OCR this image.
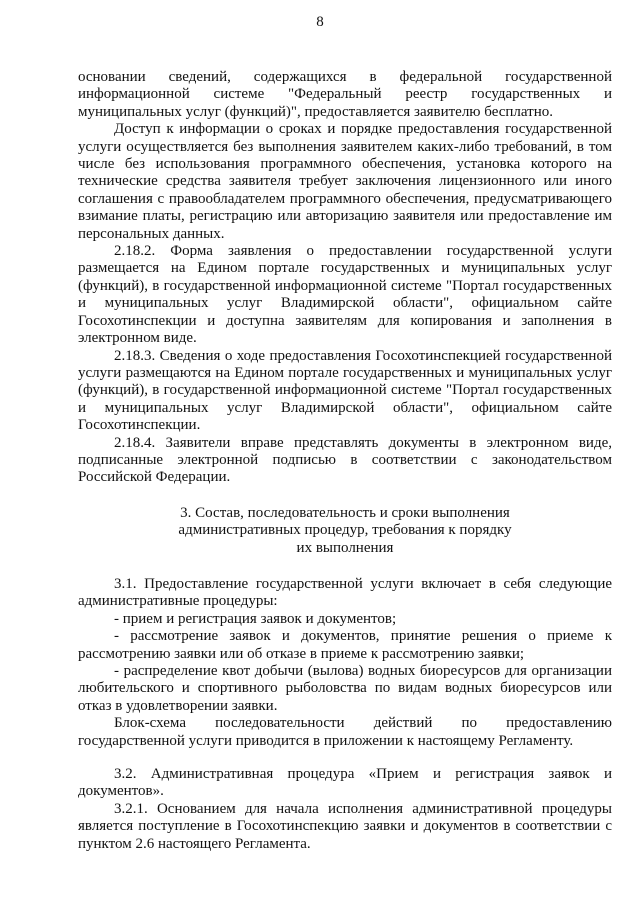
8

основании сведений, содержащихся в федеральной государственной информационной системе "Федеральный реестр государственных и муниципальных услуг (функций)", предоставляется заявителю бесплатно.

Доступ к информации о сроках и порядке предоставления государственной услуги осуществляется без выполнения заявителем каких-либо требований, в том числе без использования программного обеспечения, установка которого на технические средства заявителя требует заключения лицензионного или иного соглашения с правообладателем программного обеспечения, предусматривающего взимание платы, регистрацию или авторизацию заявителя или предоставление им персональных данных.

2.18.2. Форма заявления о предоставлении государственной услуги размещается на Едином портале государственных и муниципальных услуг (функций), в государственной информационной системе "Портал государственных и муниципальных услуг Владимирской области", официальном сайте Госохотинспекции и доступна заявителям для копирования и заполнения в электронном виде.

2.18.3. Сведения о ходе предоставления Госохотинспекцией государственной услуги размещаются на Едином портале государственных и муниципальных услуг (функций), в государственной информационной системе "Портал государственных и муниципальных услуг Владимирской области", официальном сайте Госохотинспекции.

2.18.4. Заявители вправе представлять документы в электронном виде, подписанные электронной подписью в соответствии с законодательством Российской Федерации.

3. Состав, последовательность и сроки выполнения
административных процедур, требования к порядку
их выполнения

3.1. Предоставление государственной услуги включает в себя следующие административные процедуры:

- прием и регистрация заявок и документов;

- рассмотрение заявок и документов, принятие решения о приеме к рассмотрению заявки или об отказе в приеме к рассмотрению заявки;

- распределение квот добычи (вылова) водных биоресурсов для организации любительского и спортивного рыболовства по видам водных биоресурсов или отказ в удовлетворении заявки.

Блок-схема последовательности действий по предоставлению государственной услуги приводится в приложении к настоящему Регламенту.

3.2. Административная процедура «Прием и регистрация заявок и документов».

3.2.1. Основанием для начала исполнения административной процедуры является поступление в Госохотинспекцию заявки и документов в соответствии с пунктом 2.6 настоящего Регламента.
